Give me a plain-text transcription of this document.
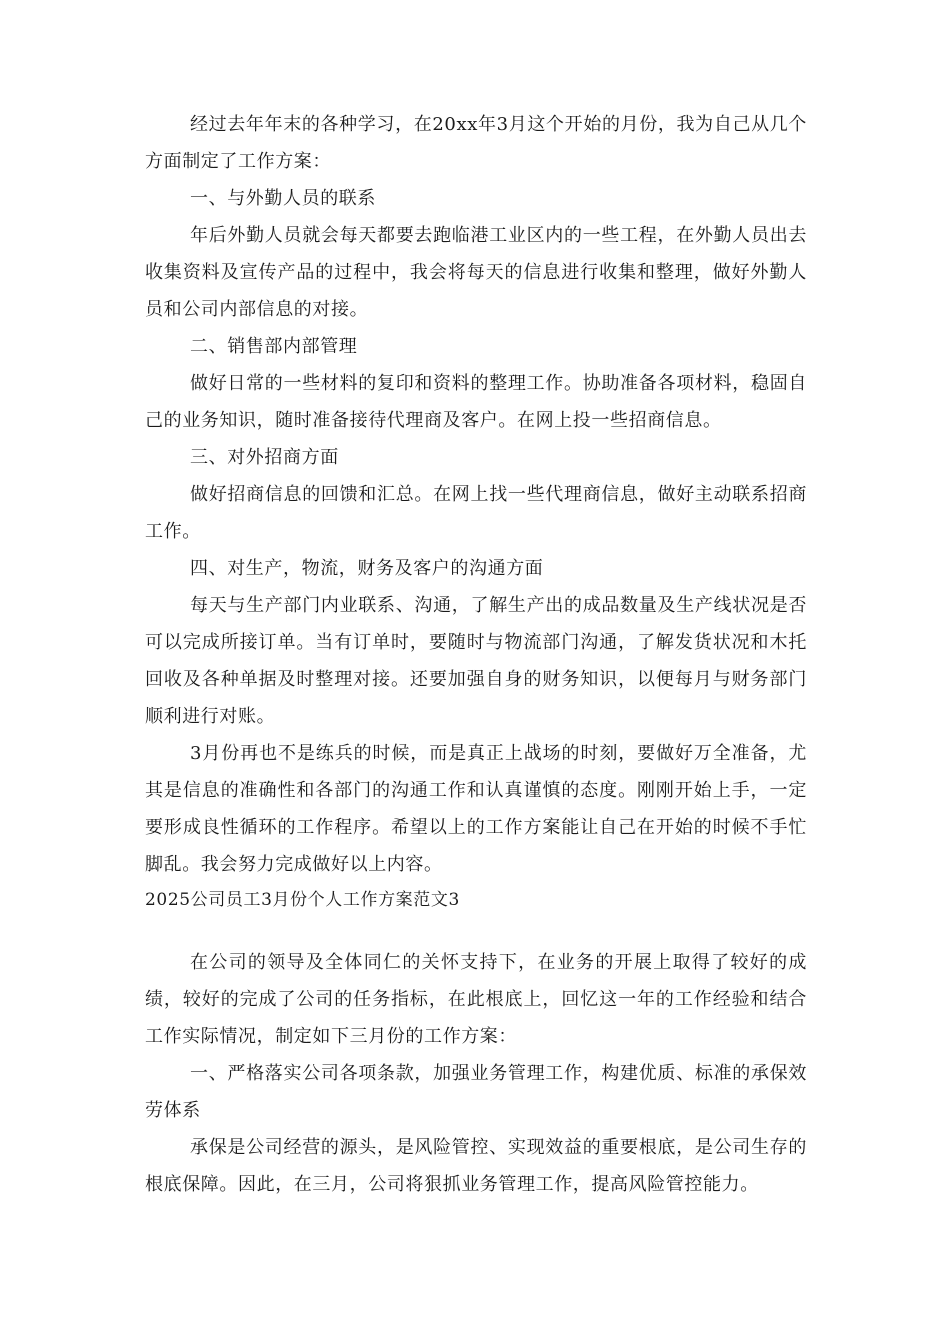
经过去年年末的各种学习，在20xx年3月这个开始的月份，我为自己从几个方面制定了工作方案：

一、与外勤人员的联系

年后外勤人员就会每天都要去跑临港工业区内的一些工程，在外勤人员出去收集资料及宣传产品的过程中，我会将每天的信息进行收集和整理，做好外勤人员和公司内部信息的对接。

二、销售部内部管理

做好日常的一些材料的复印和资料的整理工作。协助准备各项材料，稳固自己的业务知识，随时准备接待代理商及客户。在网上投一些招商信息。

三、对外招商方面

做好招商信息的回馈和汇总。在网上找一些代理商信息，做好主动联系招商工作。

四、对生产，物流，财务及客户的沟通方面

每天与生产部门内业联系、沟通，了解生产出的成品数量及生产线状况是否可以完成所接订单。当有订单时，要随时与物流部门沟通，了解发货状况和木托回收及各种单据及时整理对接。还要加强自身的财务知识，以便每月与财务部门顺利进行对账。

3月份再也不是练兵的时候，而是真正上战场的时刻，要做好万全准备，尤其是信息的准确性和各部门的沟通工作和认真谨慎的态度。刚刚开始上手，一定要形成良性循环的工作程序。希望以上的工作方案能让自己在开始的时候不手忙脚乱。我会努力完成做好以上内容。

2025公司员工3月份个人工作方案范文3

在公司的领导及全体同仁的关怀支持下，在业务的开展上取得了较好的成绩，较好的完成了公司的任务指标，在此根底上，回忆这一年的工作经验和结合工作实际情况，制定如下三月份的工作方案：

一、严格落实公司各项条款，加强业务管理工作，构建优质、标准的承保效劳体系

承保是公司经营的源头，是风险管控、实现效益的重要根底，是公司生存的根底保障。因此，在三月，公司将狠抓业务管理工作，提高风险管控能力。
